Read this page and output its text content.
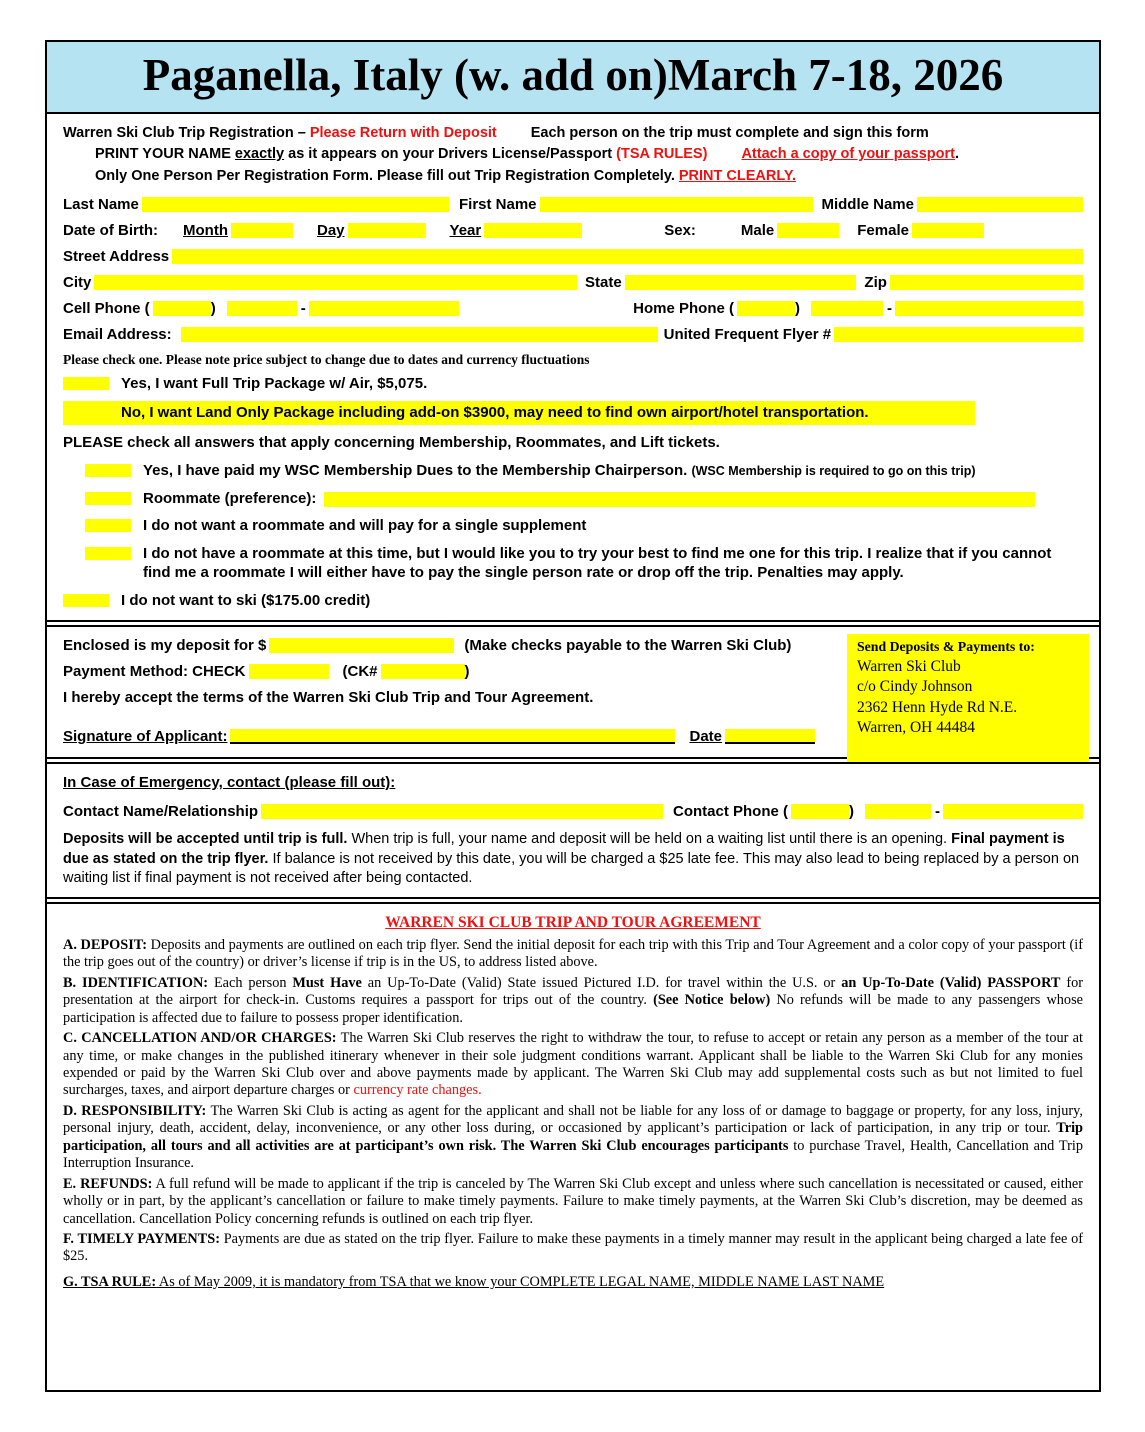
Paganella, Italy (w. add on)March 7-18, 2026
Warren Ski Club Trip Registration – Please Return with Deposit Each person on the trip must complete and sign this form
PRINT YOUR NAME exactly as it appears on your Drivers License/Passport (TSA RULES) Attach a copy of your passport.
Only One Person Per Registration Form. Please fill out Trip Registration Completely. PRINT CLEARLY.
Last Name	First Name	Middle Name
Date of Birth: Month	Day	Year	Sex:	Male	Female
Street Address
City	State	Zip
Cell Phone (	)	-	Home Phone (	)	-
Email Address:	United Frequent Flyer #
Please check one. Please note price subject to change due to dates and currency fluctuations
Yes, I want Full Trip Package w/ Air, $5,075.
No, I want Land Only Package including add-on $3900, may need to find own airport/hotel transportation.
PLEASE check all answers that apply concerning Membership, Roommates, and Lift tickets.
Yes, I have paid my WSC Membership Dues to the Membership Chairperson. (WSC Membership is required to go on this trip)
Roommate (preference):
I do not want a roommate and will pay for a single supplement
I do not have a roommate at this time, but I would like you to try your best to find me one for this trip. I realize that if you cannot find me a roommate I will either have to pay the single person rate or drop off the trip. Penalties may apply.
I do not want to ski ($175.00 credit)
Enclosed is my deposit for $	(Make checks payable to the Warren Ski Club)
Payment Method: CHECK	(CK#	)
I hereby accept the terms of the Warren Ski Club Trip and Tour Agreement.
Signature of Applicant:	Date
Send Deposits & Payments to:
Warren Ski Club
c/o Cindy Johnson
2362 Henn Hyde Rd N.E.
Warren, OH 44484
In Case of Emergency, contact (please fill out):
Contact Name/Relationship	Contact Phone (	)	-
Deposits will be accepted until trip is full. When trip is full, your name and deposit will be held on a waiting list until there is an opening. Final payment is due as stated on the trip flyer. If balance is not received by this date, you will be charged a $25 late fee. This may also lead to being replaced by a person on waiting list if final payment is not received after being contacted.
WARREN SKI CLUB TRIP AND TOUR AGREEMENT

A. DEPOSIT: Deposits and payments are outlined on each trip flyer. Send the initial deposit for each trip with this Trip and Tour Agreement and a color copy of your passport (if the trip goes out of the country) or driver’s license if trip is in the US, to address listed above.

B. IDENTIFICATION: Each person Must Have an Up-To-Date (Valid) State issued Pictured I.D. for travel within the U.S. or an Up-To-Date (Valid) PASSPORT for presentation at the airport for check-in. Customs requires a passport for trips out of the country. (See Notice below) No refunds will be made to any passengers whose participation is affected due to failure to possess proper identification.

C. CANCELLATION AND/OR CHARGES: The Warren Ski Club reserves the right to withdraw the tour, to refuse to accept or retain any person as a member of the tour at any time, or make changes in the published itinerary whenever in their sole judgment conditions warrant. Applicant shall be liable to the Warren Ski Club for any monies expended or paid by the Warren Ski Club over and above payments made by applicant. The Warren Ski Club may add supplemental costs such as but not limited to fuel surcharges, taxes, and airport departure charges or currency rate changes.

D. RESPONSIBILITY: The Warren Ski Club is acting as agent for the applicant and shall not be liable for any loss of or damage to baggage or property, for any loss, injury, personal injury, death, accident, delay, inconvenience, or any other loss during, or occasioned by applicant’s participation or lack of participation, in any trip or tour. Trip participation, all tours and all activities are at participant’s own risk. The Warren Ski Club encourages participants to purchase Travel, Health, Cancellation and Trip Interruption Insurance.

E. REFUNDS: A full refund will be made to applicant if the trip is canceled by The Warren Ski Club except and unless where such cancellation is necessitated or caused, either wholly or in part, by the applicant’s cancellation or failure to make timely payments. Failure to make timely payments, at the Warren Ski Club’s discretion, may be deemed as cancellation. Cancellation Policy concerning refunds is outlined on each trip flyer.

F. TIMELY PAYMENTS: Payments are due as stated on the trip flyer. Failure to make these payments in a timely manner may result in the applicant being charged a late fee of $25.

G. TSA RULE: As of May 2009, it is mandatory from TSA that we know your COMPLETE LEGAL NAME, MIDDLE NAME LAST NAME
